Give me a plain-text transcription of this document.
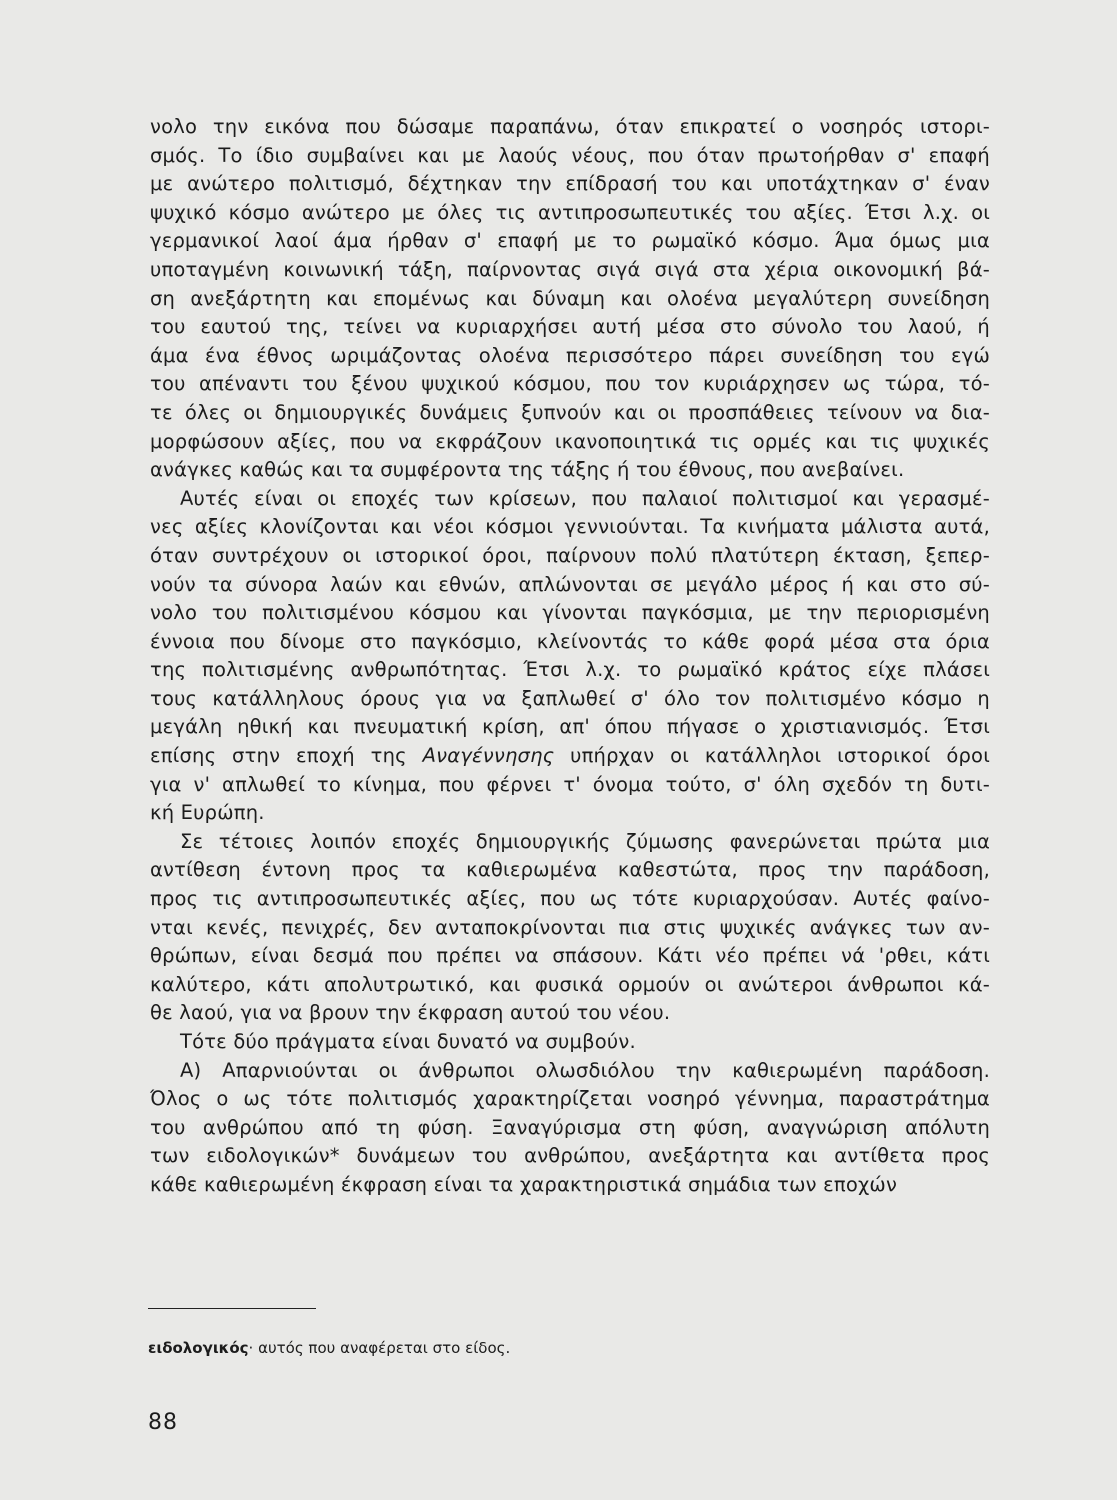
νολο την εικόνα που δώσαμε παραπάνω, όταν επικρατεί ο νοσηρός ιστορι-
σμός. Το ίδιο συμβαίνει και με λαούς νέους, που όταν πρωτοήρθαν σ' επαφή
με ανώτερο πολιτισμό, δέχτηκαν την επίδρασή του και υποτάχτηκαν σ' έναν
ψυχικό κόσμο ανώτερο με όλες τις αντιπροσωπευτικές του αξίες. Έτσι λ.χ. οι
γερμανικοί λαοί άμα ήρθαν σ' επαφή με το ρωμαϊκό κόσμο. Άμα όμως μια
υποταγμένη κοινωνική τάξη, παίρνοντας σιγά σιγά στα χέρια οικονομική βά-
ση ανεξάρτητη και επομένως και δύναμη και ολοένα μεγαλύτερη συνείδηση
του εαυτού της, τείνει να κυριαρχήσει αυτή μέσα στο σύνολο του λαού, ή
άμα ένα έθνος ωριμάζοντας ολοένα περισσότερο πάρει συνείδηση του εγώ
του απέναντι του ξένου ψυχικού κόσμου, που τον κυριάρχησεν ως τώρα, τό-
τε όλες οι δημιουργικές δυνάμεις ξυπνούν και οι προσπάθειες τείνουν να δια-
μορφώσουν αξίες, που να εκφράζουν ικανοποιητικά τις ορμές και τις ψυχικές
ανάγκες καθώς και τα συμφέροντα της τάξης ή του έθνους, που ανεβαίνει.
Αυτές είναι οι εποχές των κρίσεων, που παλαιοί πολιτισμοί και γερασμέ-
νες αξίες κλονίζονται και νέοι κόσμοι γεννιούνται. Τα κινήματα μάλιστα αυτά,
όταν συντρέχουν οι ιστορικοί όροι, παίρνουν πολύ πλατύτερη έκταση, ξεπερ-
νούν τα σύνορα λαών και εθνών, απλώνονται σε μεγάλο μέρος ή και στο σύ-
νολο του πολιτισμένου κόσμου και γίνονται παγκόσμια, με την περιορισμένη
έννοια που δίνομε στο παγκόσμιο, κλείνοντάς το κάθε φορά μέσα στα όρια
της πολιτισμένης ανθρωπότητας. Έτσι λ.χ. το ρωμαϊκό κράτος είχε πλάσει
τους κατάλληλους όρους για να ξαπλωθεί σ' όλο τον πολιτισμένο κόσμο η
μεγάλη ηθική και πνευματική κρίση, απ' όπου πήγασε ο χριστιανισμός. Έτσι
επίσης στην εποχή της Αναγέννησης υπήρχαν οι κατάλληλοι ιστορικοί όροι
για ν' απλωθεί το κίνημα, που φέρνει τ' όνομα τούτο, σ' όλη σχεδόν τη δυτι-
κή Ευρώπη.
Σε τέτοιες λοιπόν εποχές δημιουργικής ζύμωσης φανερώνεται πρώτα μια
αντίθεση έντονη προς τα καθιερωμένα καθεστώτα, προς την παράδοση,
προς τις αντιπροσωπευτικές αξίες, που ως τότε κυριαρχούσαν. Αυτές φαίνο-
νται κενές, πενιχρές, δεν ανταποκρίνονται πια στις ψυχικές ανάγκες των αν-
θρώπων, είναι δεσμά που πρέπει να σπάσουν. Κάτι νέο πρέπει νά 'ρθει, κάτι
καλύτερο, κάτι απολυτρωτικό, και φυσικά ορμούν οι ανώτεροι άνθρωποι κά-
θε λαού, για να βρουν την έκφραση αυτού του νέου.
Τότε δύο πράγματα είναι δυνατό να συμβούν.
Α) Απαρνιούνται οι άνθρωποι ολωσδιόλου την καθιερωμένη παράδοση.
Όλος ο ως τότε πολιτισμός χαρακτηρίζεται νοσηρό γέννημα, παραστράτημα
του ανθρώπου από τη φύση. Ξαναγύρισμα στη φύση, αναγνώριση απόλυτη
των ειδολογικών* δυνάμεων του ανθρώπου, ανεξάρτητα και αντίθετα προς
κάθε καθιερωμένη έκφραση είναι τα χαρακτηριστικά σημάδια των εποχών
ειδολογικός· αυτός που αναφέρεται στο είδος.
88
